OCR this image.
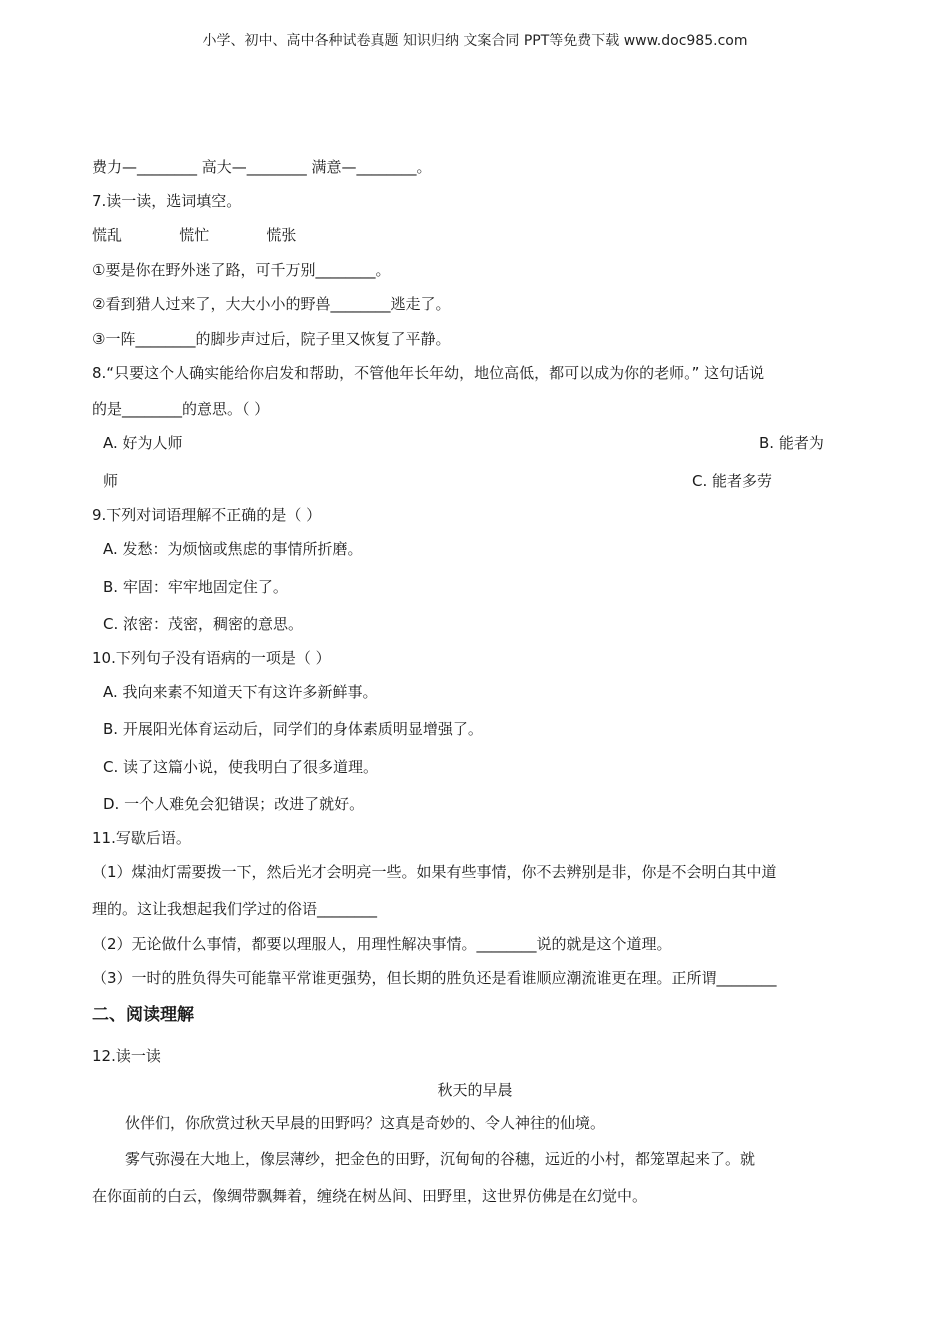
小学、初中、高中各种试卷真题 知识归纳 文案合同 PPT等免费下载 www.doc985.com
费力—________ 高大—________ 满意—________。
7.读一读，选词填空。
慌乱            慌忙            慌张
①要是你在野外迷了路，可千万别________。
②看到猎人过来了，大大小小的野兽________逃走了。
③一阵________的脚步声过后，院子里又恢复了平静。
8.“只要这个人确实能给你启发和帮助，不管他年长年幼，地位高低，都可以成为你的老师。” 这句话说
的是________的意思。（ ）
A. 好为人师	B. 能者为
师	C. 能者多劳
9.下列对词语理解不正确的是（ ）
A. 发愁：为烦恼或焦虑的事情所折磨。
B. 牢固：牢牢地固定住了。
C. 浓密：茂密，稠密的意思。
10.下列句子没有语病的一项是（ ）
A. 我向来素不知道天下有这许多新鲜事。
B. 开展阳光体育运动后，同学们的身体素质明显增强了。
C. 读了这篇小说，使我明白了很多道理。
D. 一个人难免会犯错误；改进了就好。
11.写歇后语。
（1）煤油灯需要拨一下，然后光才会明亮一些。如果有些事情，你不去辨别是非，你是不会明白其中道
理的。这让我想起我们学过的俗语________
（2）无论做什么事情，都要以理服人，用理性解决事情。________说的就是这个道理。
（3）一时的胜负得失可能靠平常谁更强势，但长期的胜负还是看谁顺应潮流谁更在理。正所谓________
二、阅读理解
12.读一读
秋天的早晨
伙伴们，你欣赏过秋天早晨的田野吗？这真是奇妙的、令人神往的仙境。
雾气弥漫在大地上，像层薄纱，把金色的田野，沉甸甸的谷穗，远近的小村，都笼罩起来了。就
在你面前的白云，像绸带飘舞着，缠绕在树丛间、田野里，这世界仿佛是在幻觉中。
